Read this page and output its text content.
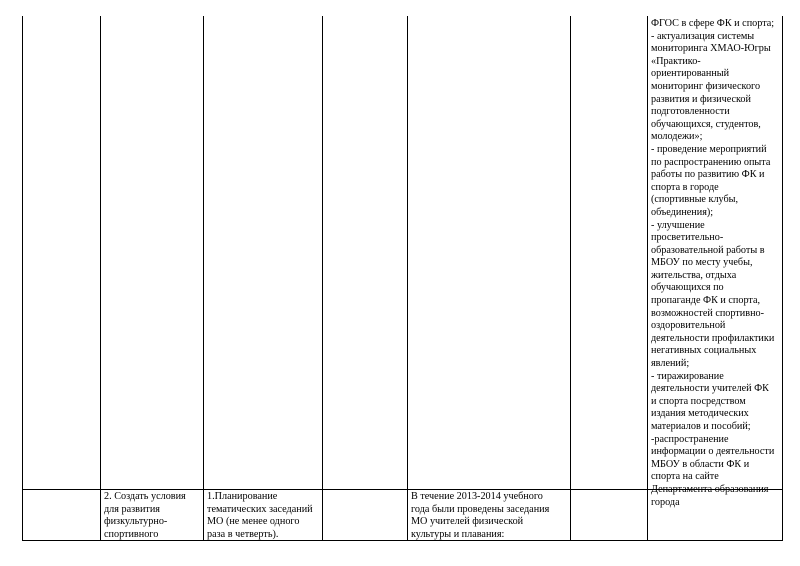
ФГОС в сфере ФК и спорта;
- актуализация системы
мониторинга ХМАО-Югры
«Практико-
ориентированный
мониторинг физического
развития и физической
подготовленности
обучающихся, студентов,
молодежи»;
- проведение мероприятий
по распространению опыта
работы по развитию ФК и
спорта в городе
(спортивные клубы,
объединения);
- улучшение
просветительно-
образовательной работы в
МБОУ по месту учебы,
жительства, отдыха
обучающихся по
пропаганде ФК и спорта,
возможностей спортивно-
оздоровительной
деятельности профилактики
негативных социальных
явлений;
- тиражирование
деятельности учителей ФК
и спорта посредством
издания методических
материалов и пособий;
-распространение
информации о деятельности
МБОУ в области ФК и
спорта на сайте
Департамента образования
города
2. Создать условия
для развития
физкультурно-
спортивного
1.Планирование
тематических заседаний
МО (не менее одного
раза в четверть).
В течение 2013-2014 учебного
года были проведены заседания
МО учителей физической
культуры и плавания:
